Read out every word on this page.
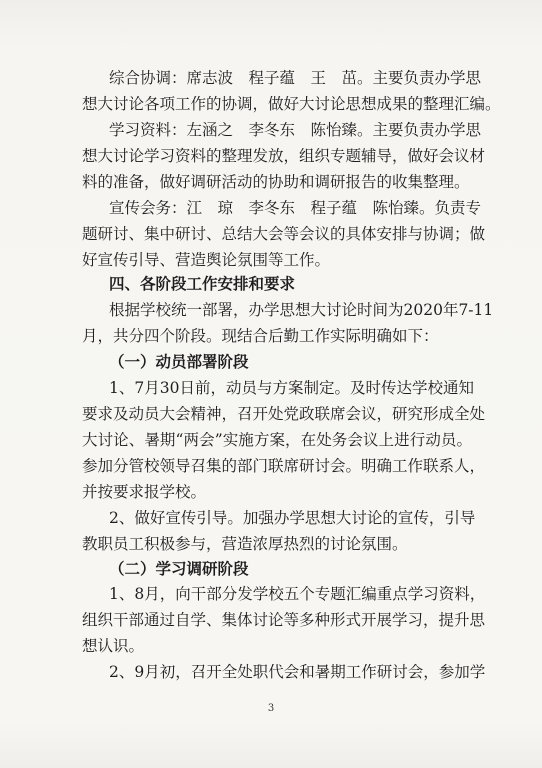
综合协调：席志波　程子蕴　王　茁。主要负责办学思
想大讨论各项工作的协调，做好大讨论思想成果的整理汇编。
学习资料：左涵之　李冬东　陈怡臻。主要负责办学思
想大讨论学习资料的整理发放，组织专题辅导，做好会议材
料的准备，做好调研活动的协助和调研报告的收集整理。
宣传会务：江　琼　李冬东　程子蕴　陈怡臻。负责专
题研讨、集中研讨、总结大会等会议的具体安排与协调；做
好宣传引导、营造舆论氛围等工作。
四、各阶段工作安排和要求
根据学校统一部署，办学思想大讨论时间为2020年7-11
月，共分四个阶段。现结合后勤工作实际明确如下：
（一）动员部署阶段
1、7月30日前，动员与方案制定。及时传达学校通知
要求及动员大会精神，召开处党政联席会议，研究形成全处
大讨论、暑期“两会”实施方案，在处务会议上进行动员。
参加分管校领导召集的部门联席研讨会。明确工作联系人，
并按要求报学校。
2、做好宣传引导。加强办学思想大讨论的宣传，引导
教职员工积极参与，营造浓厚热烈的讨论氛围。
（二）学习调研阶段
1、8月，向干部分发学校五个专题汇编重点学习资料，
组织干部通过自学、集体讨论等多种形式开展学习，提升思
想认识。
2、9月初，召开全处职代会和暑期工作研讨会，参加学
3
